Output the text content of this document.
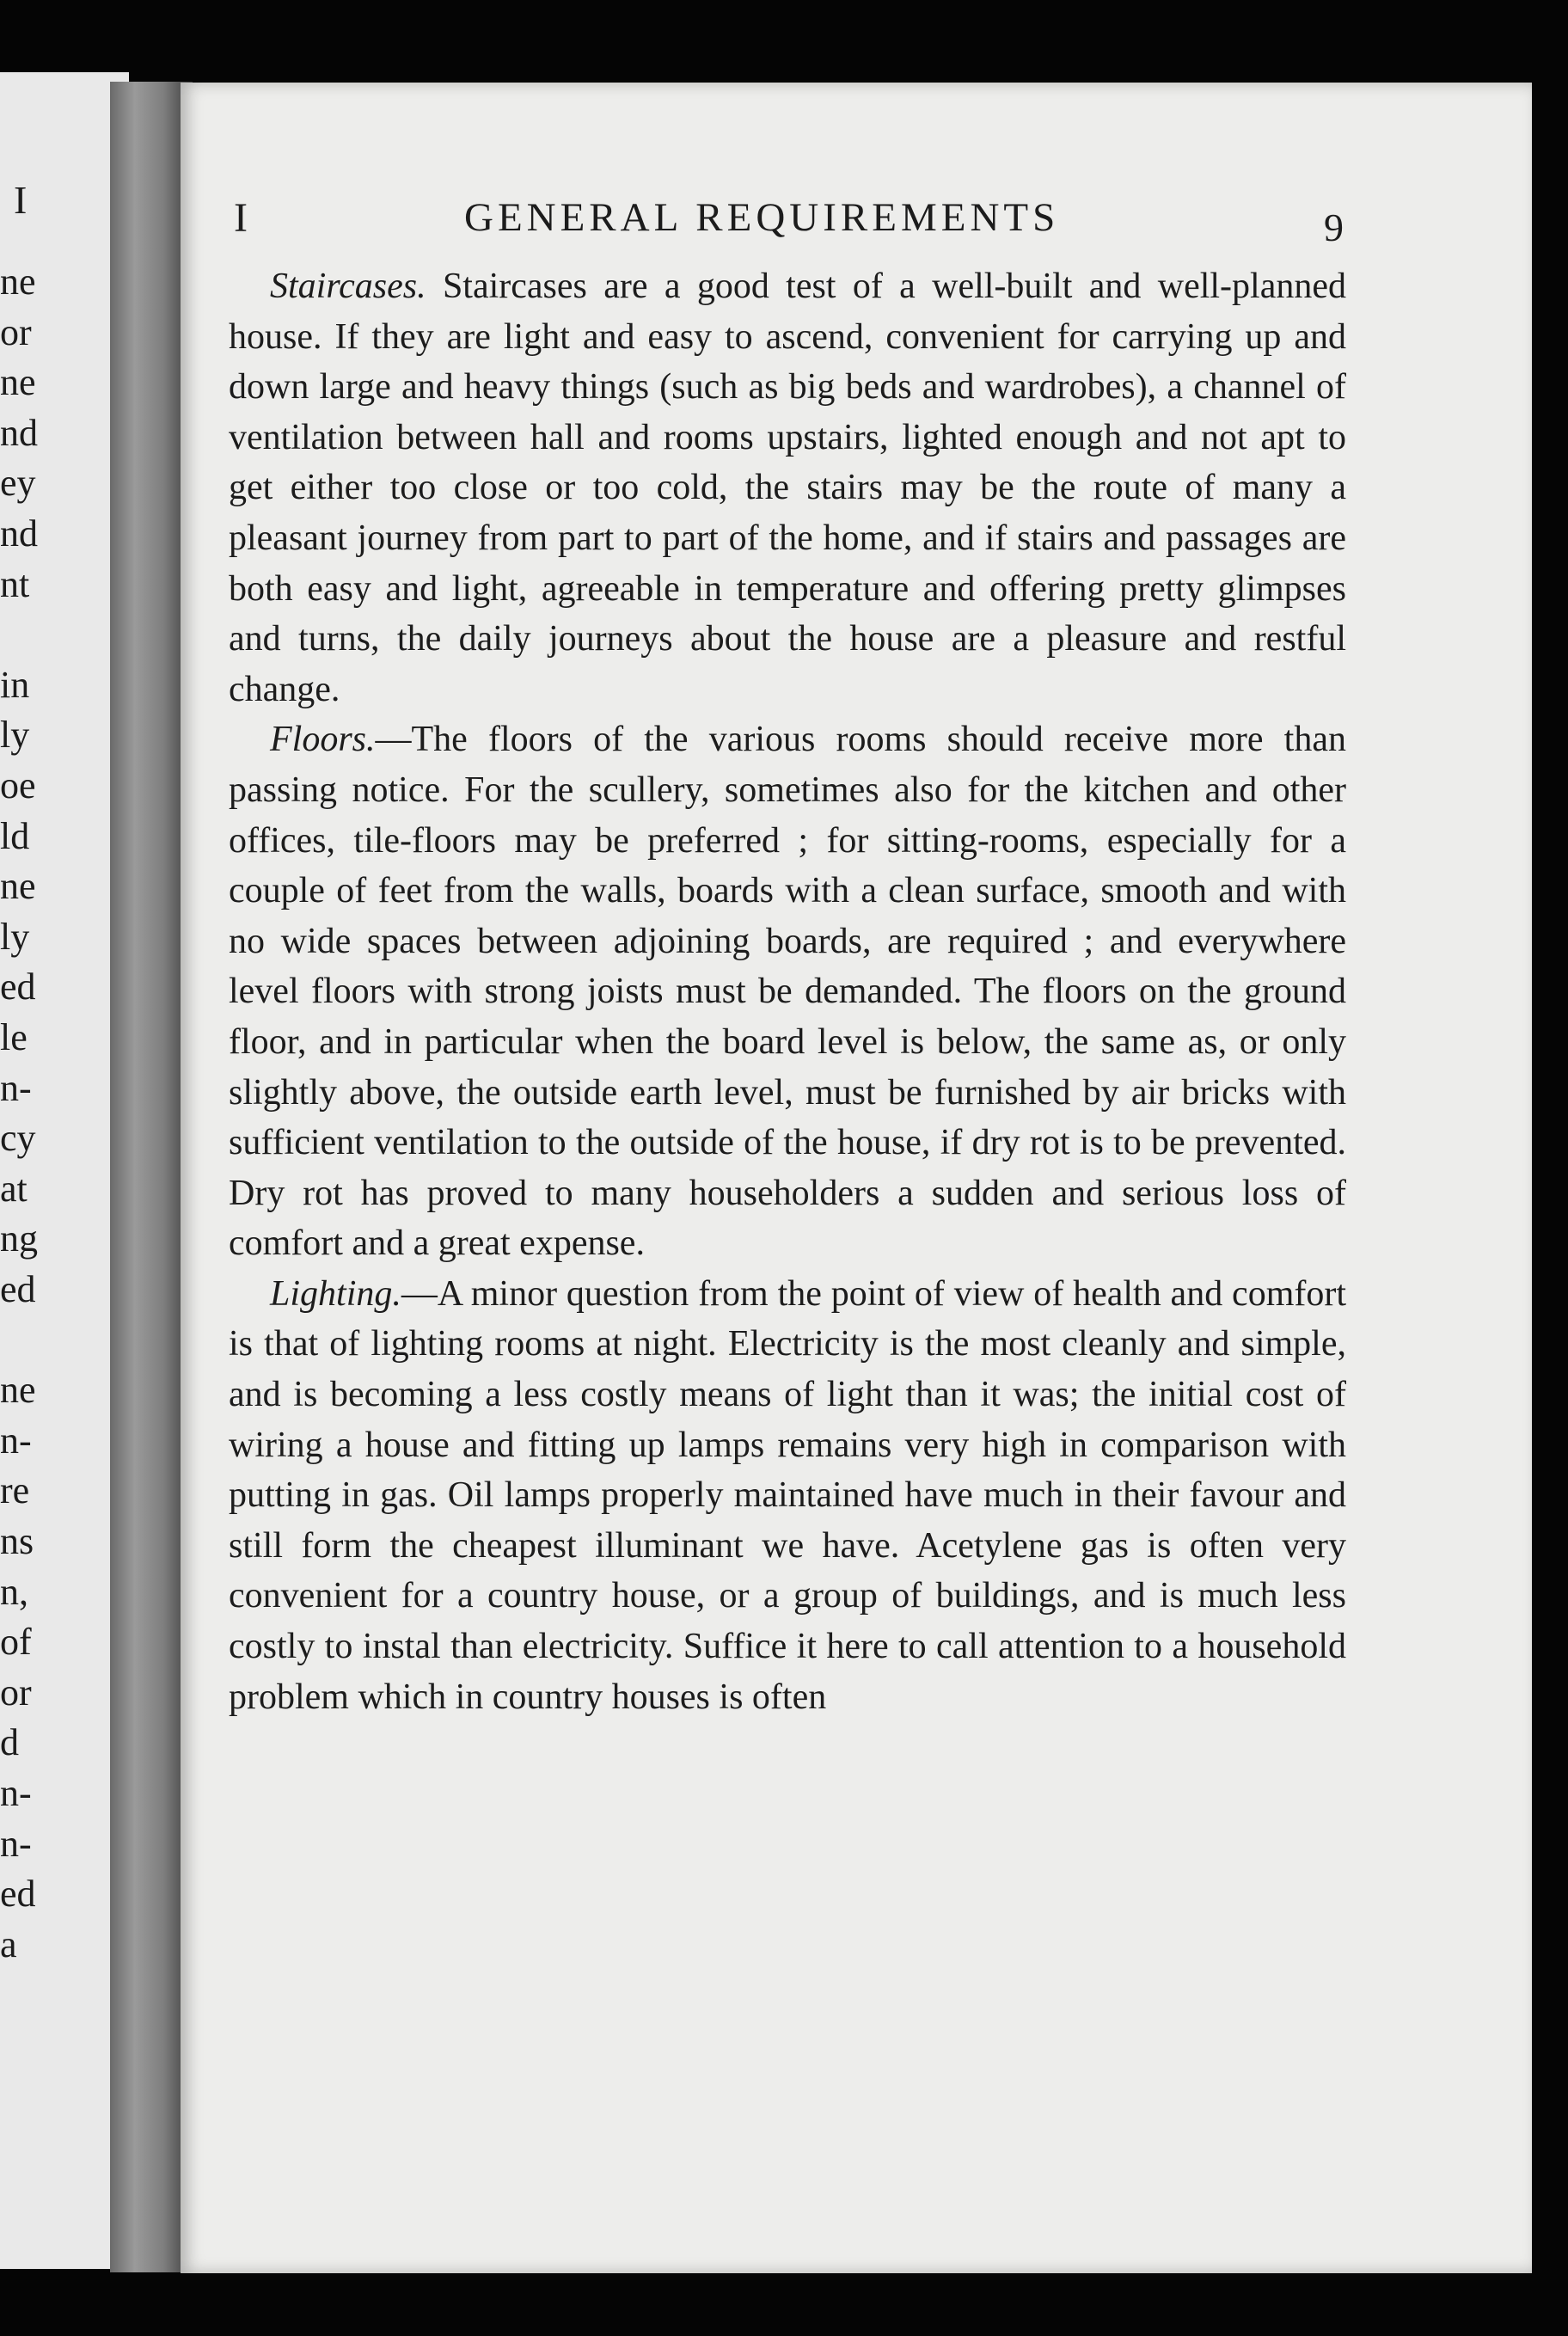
I
ne
or
ne
nd
ey
nd
nt
in
ly
oe
ld
ne
ly
ed
le
n-
cy
at
ng
ed
ne
n-
re
ns
n,
of
or
d
n-
n-
ed
a
I	GENERAL REQUIREMENTS	9

Staircases. Staircases are a good test of a well-built and well-planned house. If they are light and easy to ascend, convenient for carrying up and down large and heavy things (such as big beds and wardrobes), a channel of ventilation between hall and rooms upstairs, lighted enough and not apt to get either too close or too cold, the stairs may be the route of many a pleasant journey from part to part of the home, and if stairs and passages are both easy and light, agreeable in temperature and offering pretty glimpses and turns, the daily journeys about the house are a pleasure and restful change.

Floors.—The floors of the various rooms should receive more than passing notice. For the scullery, sometimes also for the kitchen and other offices, tile-floors may be preferred ; for sitting-rooms, especially for a couple of feet from the walls, boards with a clean surface, smooth and with no wide spaces between adjoining boards, are required ; and everywhere level floors with strong joists must be demanded. The floors on the ground floor, and in particular when the board level is below, the same as, or only slightly above, the outside earth level, must be furnished by air bricks with sufficient ventilation to the outside of the house, if dry rot is to be prevented. Dry rot has proved to many householders a sudden and serious loss of comfort and a great expense.

Lighting.—A minor question from the point of view of health and comfort is that of lighting rooms at night. Electricity is the most cleanly and simple, and is becoming a less costly means of light than it was; the initial cost of wiring a house and fitting up lamps remains very high in comparison with putting in gas. Oil lamps properly maintained have much in their favour and still form the cheapest illuminant we have. Acetylene gas is often very convenient for a country house, or a group of buildings, and is much less costly to instal than electricity. Suffice it here to call attention to a household problem which in country houses is often
